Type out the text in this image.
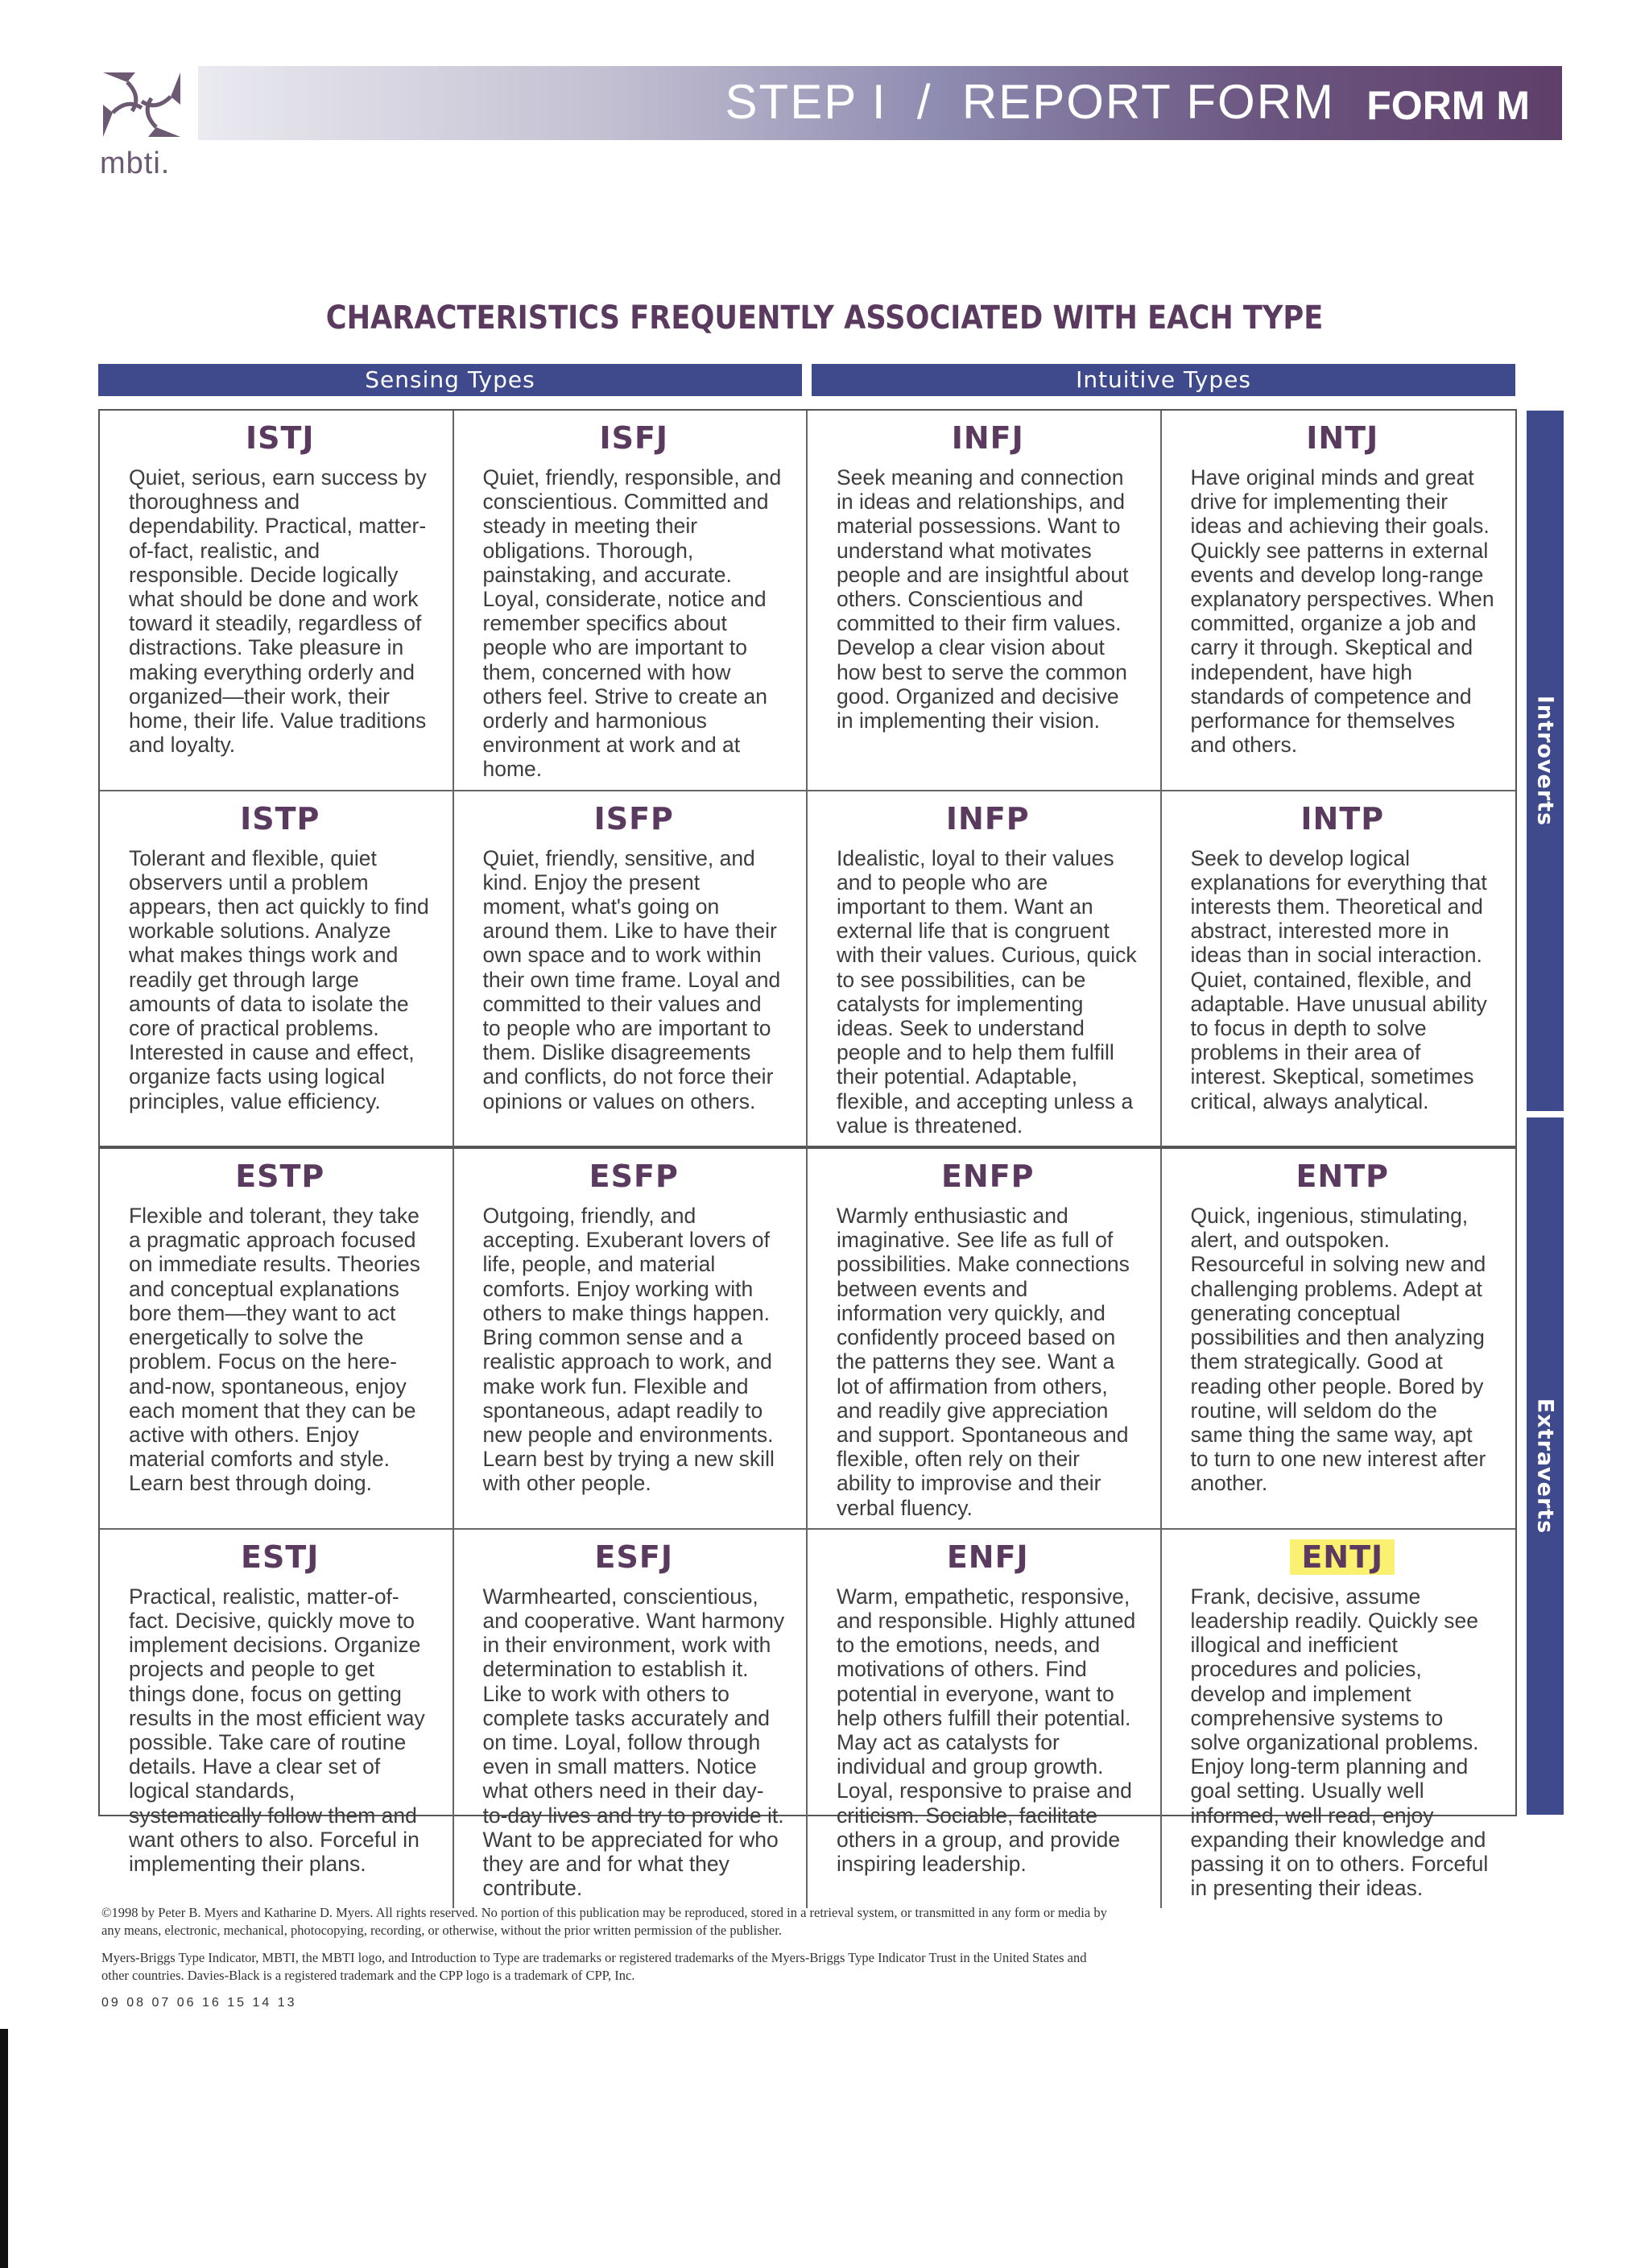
mbti.
STEP I  /  REPORT FORM FORM M
CHARACTERISTICS FREQUENTLY ASSOCIATED WITH EACH TYPE
Sensing Types	Intuitive Types
ISTJ

Quiet, serious, earn success by thoroughness and dependability. Practical, matter-of-fact, realistic, and responsible. Decide logically what should be done and work toward it steadily, regardless of distractions. Take pleasure in making everything orderly and organized—their work, their home, their life. Value traditions and loyalty.

ISFJ

Quiet, friendly, responsible, and conscientious. Committed and steady in meeting their obligations. Thorough, painstaking, and accurate. Loyal, considerate, notice and remember specifics about people who are important to them, concerned with how others feel. Strive to create an orderly and harmonious environment at work and at home.

INFJ

Seek meaning and connection in ideas and relationships, and material possessions. Want to understand what motivates people and are insightful about others. Conscientious and committed to their firm values. Develop a clear vision about how best to serve the common good. Organized and decisive in implementing their vision.

INTJ

Have original minds and great drive for implementing their ideas and achieving their goals. Quickly see patterns in external events and develop long-range explanatory perspectives. When committed, organize a job and carry it through. Skeptical and independent, have high standards of competence and performance for themselves and others.

ISTP

Tolerant and flexible, quiet observers until a problem appears, then act quickly to find workable solutions. Analyze what makes things work and readily get through large amounts of data to isolate the core of practical problems. Interested in cause and effect, organize facts using logical principles, value efficiency.

ISFP

Quiet, friendly, sensitive, and kind. Enjoy the present moment, what's going on around them. Like to have their own space and to work within their own time frame. Loyal and committed to their values and to people who are important to them. Dislike disagreements and conflicts, do not force their opinions or values on others.

INFP

Idealistic, loyal to their values and to people who are important to them. Want an external life that is congruent with their values. Curious, quick to see possibilities, can be catalysts for implementing ideas. Seek to understand people and to help them fulfill their potential. Adaptable, flexible, and accepting unless a value is threatened.

INTP

Seek to develop logical explanations for everything that interests them. Theoretical and abstract, interested more in ideas than in social interaction. Quiet, contained, flexible, and adaptable. Have unusual ability to focus in depth to solve problems in their area of interest. Skeptical, sometimes critical, always analytical.

ESTP

Flexible and tolerant, they take a pragmatic approach focused on immediate results. Theories and conceptual explanations bore them—they want to act energetically to solve the problem. Focus on the here-and-now, spontaneous, enjoy each moment that they can be active with others. Enjoy material comforts and style. Learn best through doing.

ESFP

Outgoing, friendly, and accepting. Exuberant lovers of life, people, and material comforts. Enjoy working with others to make things happen. Bring common sense and a realistic approach to work, and make work fun. Flexible and spontaneous, adapt readily to new people and environments. Learn best by trying a new skill with other people.

ENFP

Warmly enthusiastic and imaginative. See life as full of possibilities. Make connections between events and information very quickly, and confidently proceed based on the patterns they see. Want a lot of affirmation from others, and readily give appreciation and support. Spontaneous and flexible, often rely on their ability to improvise and their verbal fluency.

ENTP

Quick, ingenious, stimulating, alert, and outspoken. Resourceful in solving new and challenging problems. Adept at generating conceptual possibilities and then analyzing them strategically. Good at reading other people. Bored by routine, will seldom do the same thing the same way, apt to turn to one new interest after another.

ESTJ

Practical, realistic, matter-of-fact. Decisive, quickly move to implement decisions. Organize projects and people to get things done, focus on getting results in the most efficient way possible. Take care of routine details. Have a clear set of logical standards, systematically follow them and want others to also. Forceful in implementing their plans.

ESFJ

Warmhearted, conscientious, and cooperative. Want harmony in their environment, work with determination to establish it. Like to work with others to complete tasks accurately and on time. Loyal, follow through even in small matters. Notice what others need in their day-to-day lives and try to provide it. Want to be appreciated for who they are and for what they contribute.

ENFJ

Warm, empathetic, responsive, and responsible. Highly attuned to the emotions, needs, and motivations of others. Find potential in everyone, want to help others fulfill their potential. May act as catalysts for individual and group growth. Loyal, responsive to praise and criticism. Sociable, facilitate others in a group, and provide inspiring leadership.

ENTJ

Frank, decisive, assume leadership readily. Quickly see illogical and inefficient procedures and policies, develop and implement comprehensive systems to solve organizational problems. Enjoy long-term planning and goal setting. Usually well informed, well read, enjoy expanding their knowledge and passing it on to others. Forceful in presenting their ideas.

Introverts
Extraverts

©1998 by Peter B. Myers and Katharine D. Myers. All rights reserved. No portion of this publication may be reproduced, stored in a retrieval system, or transmitted in any form or media by any means, electronic, mechanical, photocopying, recording, or otherwise, without the prior written permission of the publisher.

Myers-Briggs Type Indicator, MBTI, the MBTI logo, and Introduction to Type are trademarks or registered trademarks of the Myers-Briggs Type Indicator Trust in the United States and other countries. Davies-Black is a registered trademark and the CPP logo is a trademark of CPP, Inc.

09 08 07 06 16 15 14 13
